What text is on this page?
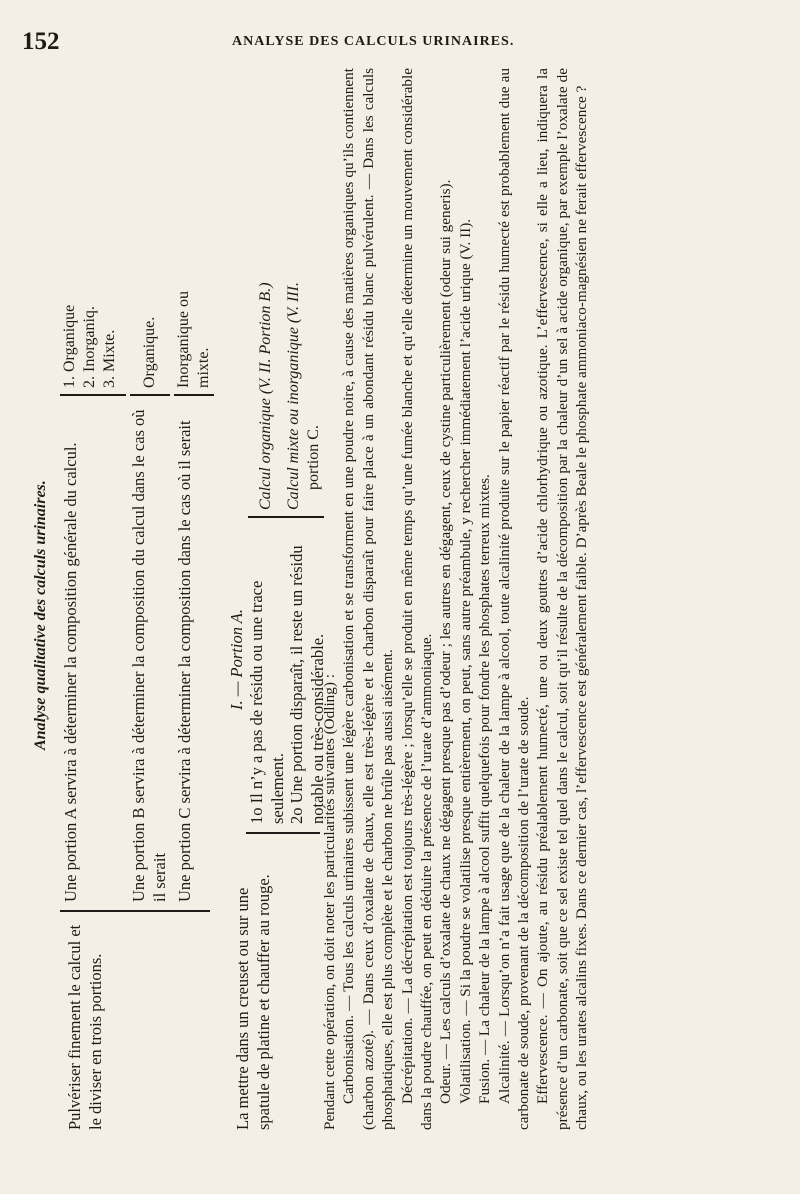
152	ANALYSE DES CALCULS URINAIRES.
Analyse qualitative des calculs urinaires.
Pulvériser finement le calcul et le diviser en trois portions.
Une portion A servira à déterminer la composition générale du calcul.
1. Organique 2. Inorganiq. 3. Mixte.
Une portion B servira à déterminer la composition du calcul dans le cas où il serait
Organique.
Une portion C servira à déterminer la composition dans le cas où il serait
Inorganique ou mixte.
I. — Portion A.
La mettre dans un creuset ou sur une spatule de platine et chauffer au rouge.
1o Il n’y a pas de résidu ou une trace seulement.
Calcul organique (V. II. Portion B.)
2o Une portion disparaît, il reste un résidu notable ou très-considérable.
Calcul mixte ou inorganique (V. III. portion C.

Pendant cette opération, on doit noter les particularités suivantes (Odling) : Carbonisation. — Tous les calculs urinaires subissent une légère carbonisation et se transforment en une poudre noire, à cause des matières organiques qu’ils contiennent (charbon azoté). — Dans ceux d’oxalate de chaux, elle est très-légère et le charbon disparaît pour faire place à un abondant résidu blanc pulvérulent. — Dans les calculs phosphatiques, elle est plus complète et le charbon ne brûle pas aussi aisément. Décrépitation. — La décrépitation est toujours très-légère ; lorsqu’elle se produit en même temps qu’une fumée blanche et qu’elle détermine un mouvement considérable dans la poudre chauffée, on peut en déduire la présence de l’urate d’ammoniaque. Odeur. — Les calculs d’oxalate de chaux ne dégagent presque pas d’odeur ; les autres en dégagent, ceux de cystine particulièrement (odeur sui generis). Volatilisation. — Si la poudre se volatilise presque entièrement, on peut, sans autre préambule, y rechercher immédiatement l’acide urique (V. II). Fusion. — La chaleur de la lampe à alcool suffit quelquefois pour fondre les phosphates terreux mixtes. Alcalinité. — Lorsqu’on n’a fait usage que de la chaleur de la lampe à alcool, toute alcalinité produite sur le papier réactif par le résidu humecté est probablement due au carbonate de soude, provenant de la décomposition de l’urate de soude. Effervescence. — On ajoute, au résidu préalablement humecté, une ou deux gouttes d’acide chlorhydrique ou azotique. L’effervescence, si elle a lieu, indiquera la présence d’un carbonate, soit que ce sel existe tel quel dans le calcul, soit qu’il résulte de la décomposition par la chaleur d’un sel à acide organique, par exemple l’oxalate de chaux, ou les urates alcalins fixes. Dans ce dernier cas, l’effervescence est généralement faible. D’après Beale le phosphate ammoniaco-magnésien ne ferait effervescence ?
